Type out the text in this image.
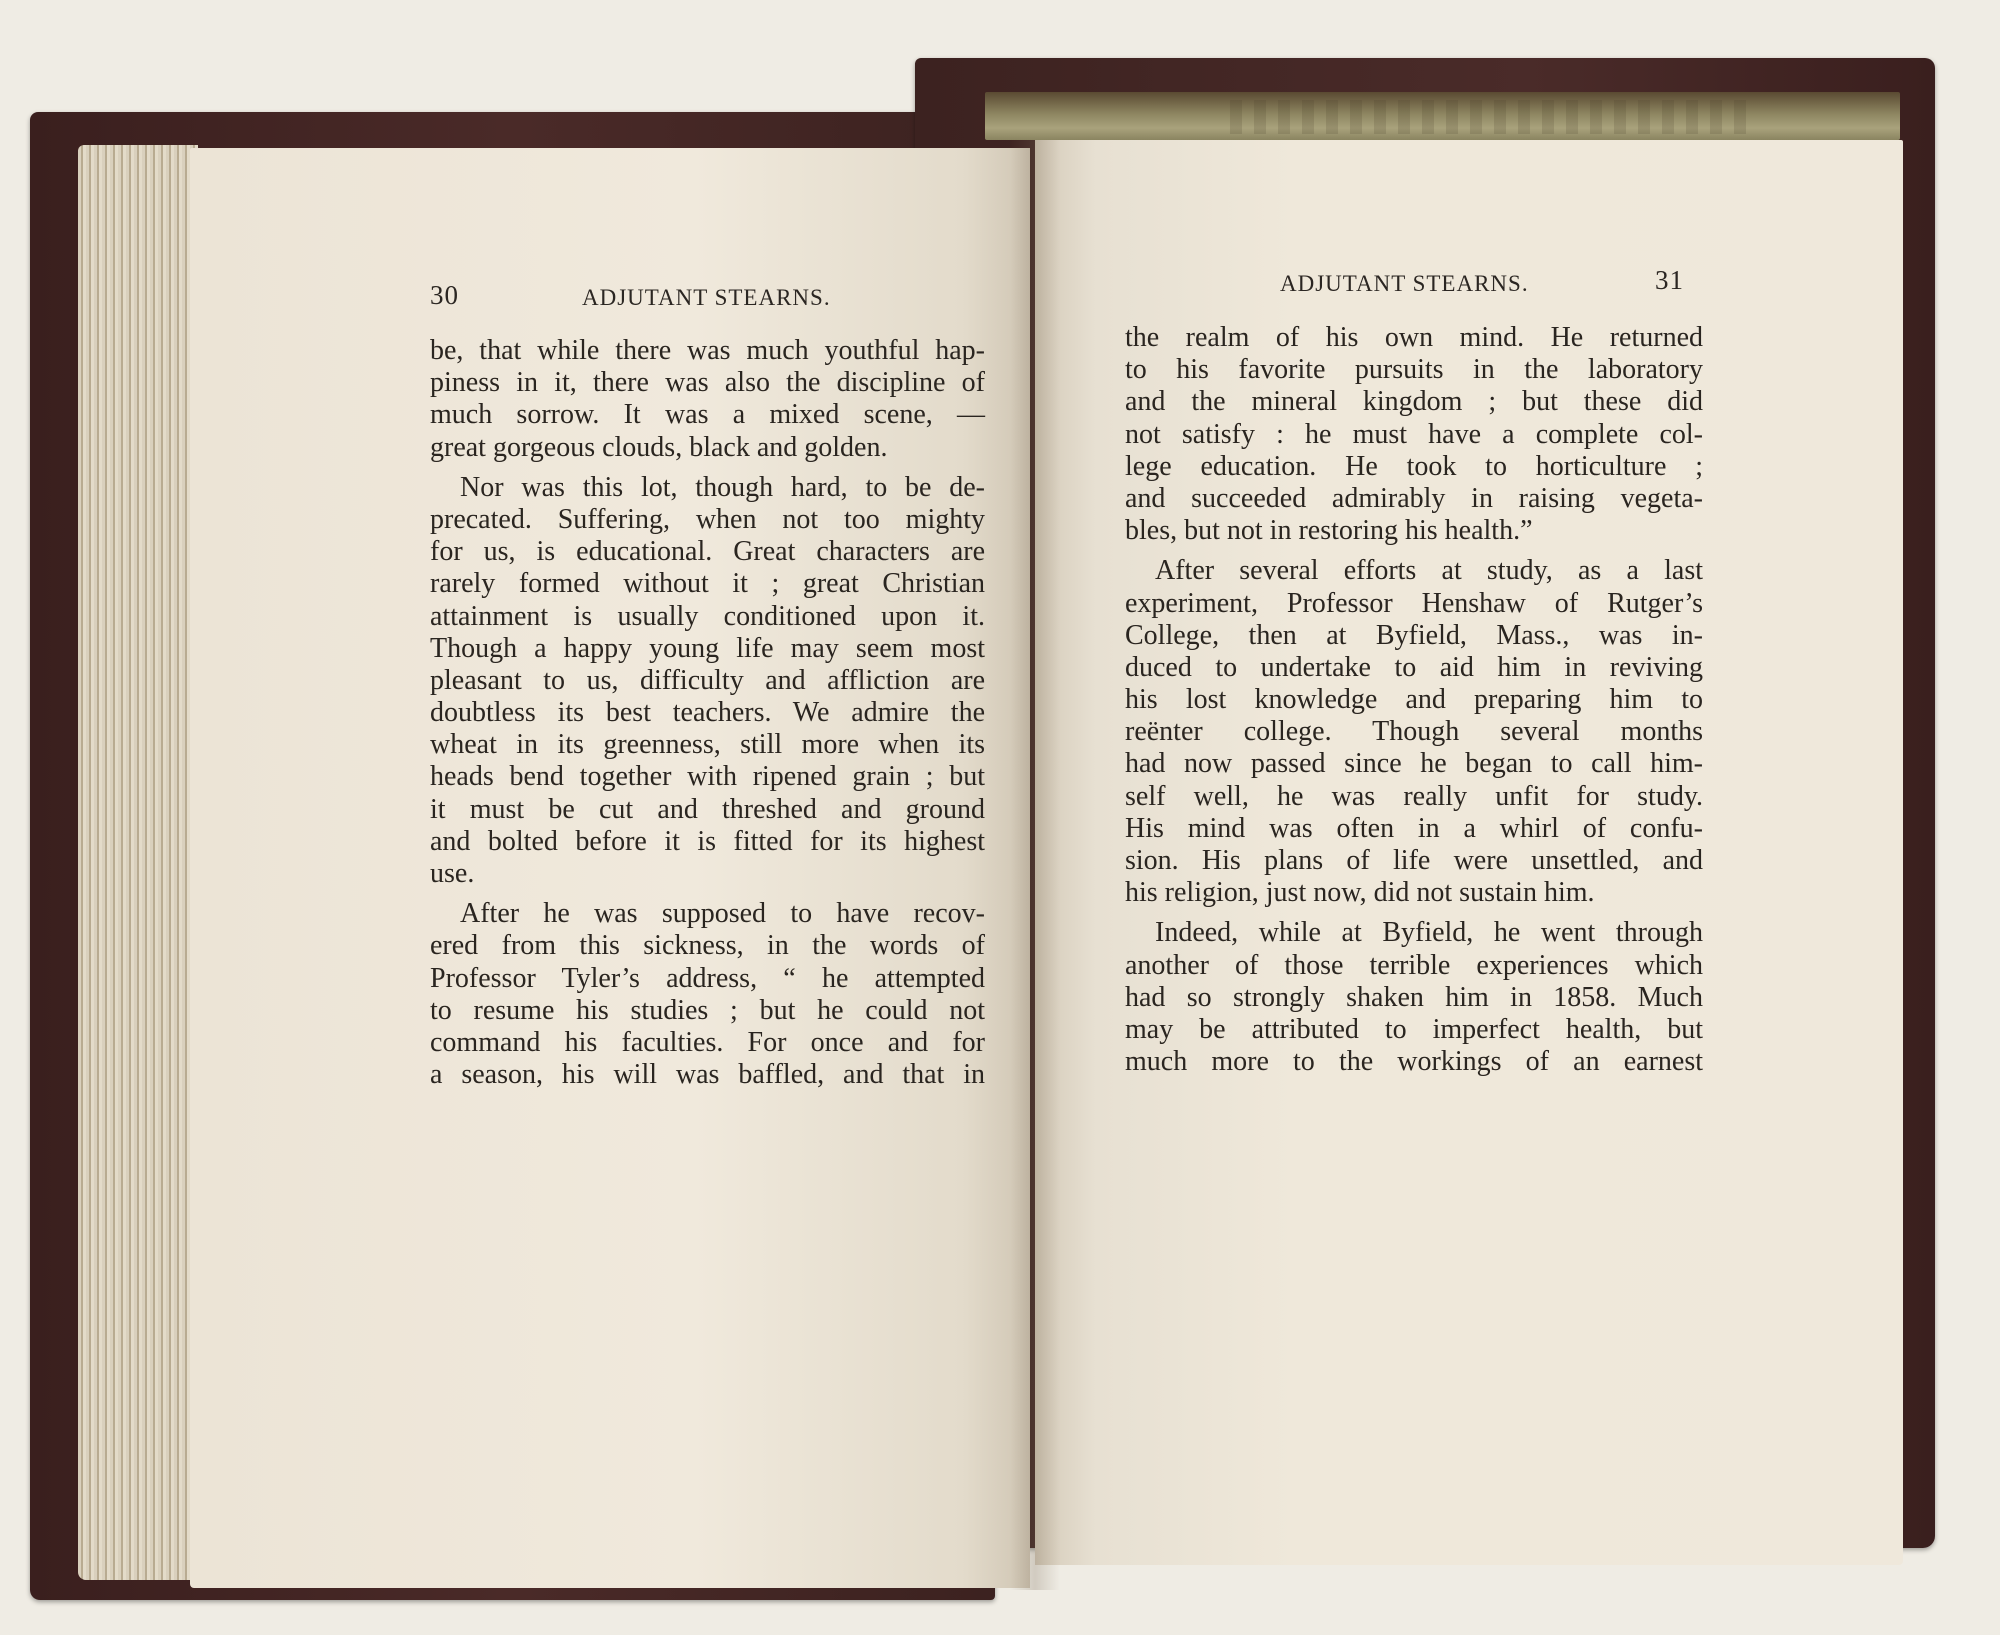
30	ADJUTANT STEARNS.
ADJUTANT STEARNS.	31
be, that while there was much youthful hap-
piness in it, there was also the discipline of
much sorrow. It was a mixed scene, —
great gorgeous clouds, black and golden.
Nor was this lot, though hard, to be de-
precated. Suffering, when not too mighty
for us, is educational. Great characters are
rarely formed without it ; great Christian
attainment is usually conditioned upon it.
Though a happy young life may seem most
pleasant to us, difficulty and affliction are
doubtless its best teachers. We admire the
wheat in its greenness, still more when its
heads bend together with ripened grain ; but
it must be cut and threshed and ground
and bolted before it is fitted for its highest
use.
After he was supposed to have recov-
ered from this sickness, in the words of
Professor Tyler’s address, “ he attempted
to resume his studies ; but he could not
command his faculties. For once and for
a season, his will was baffled, and that in
the realm of his own mind. He returned
to his favorite pursuits in the laboratory
and the mineral kingdom ; but these did
not satisfy : he must have a complete col-
lege education. He took to horticulture ;
and succeeded admirably in raising vegeta-
bles, but not in restoring his health.”
After several efforts at study, as a last
experiment, Professor Henshaw of Rutger’s
College, then at Byfield, Mass., was in-
duced to undertake to aid him in reviving
his lost knowledge and preparing him to
reënter college. Though several months
had now passed since he began to call him-
self well, he was really unfit for study.
His mind was often in a whirl of confu-
sion. His plans of life were unsettled, and
his religion, just now, did not sustain him.
Indeed, while at Byfield, he went through
another of those terrible experiences which
had so strongly shaken him in 1858. Much
may be attributed to imperfect health, but
much more to the workings of an earnest
